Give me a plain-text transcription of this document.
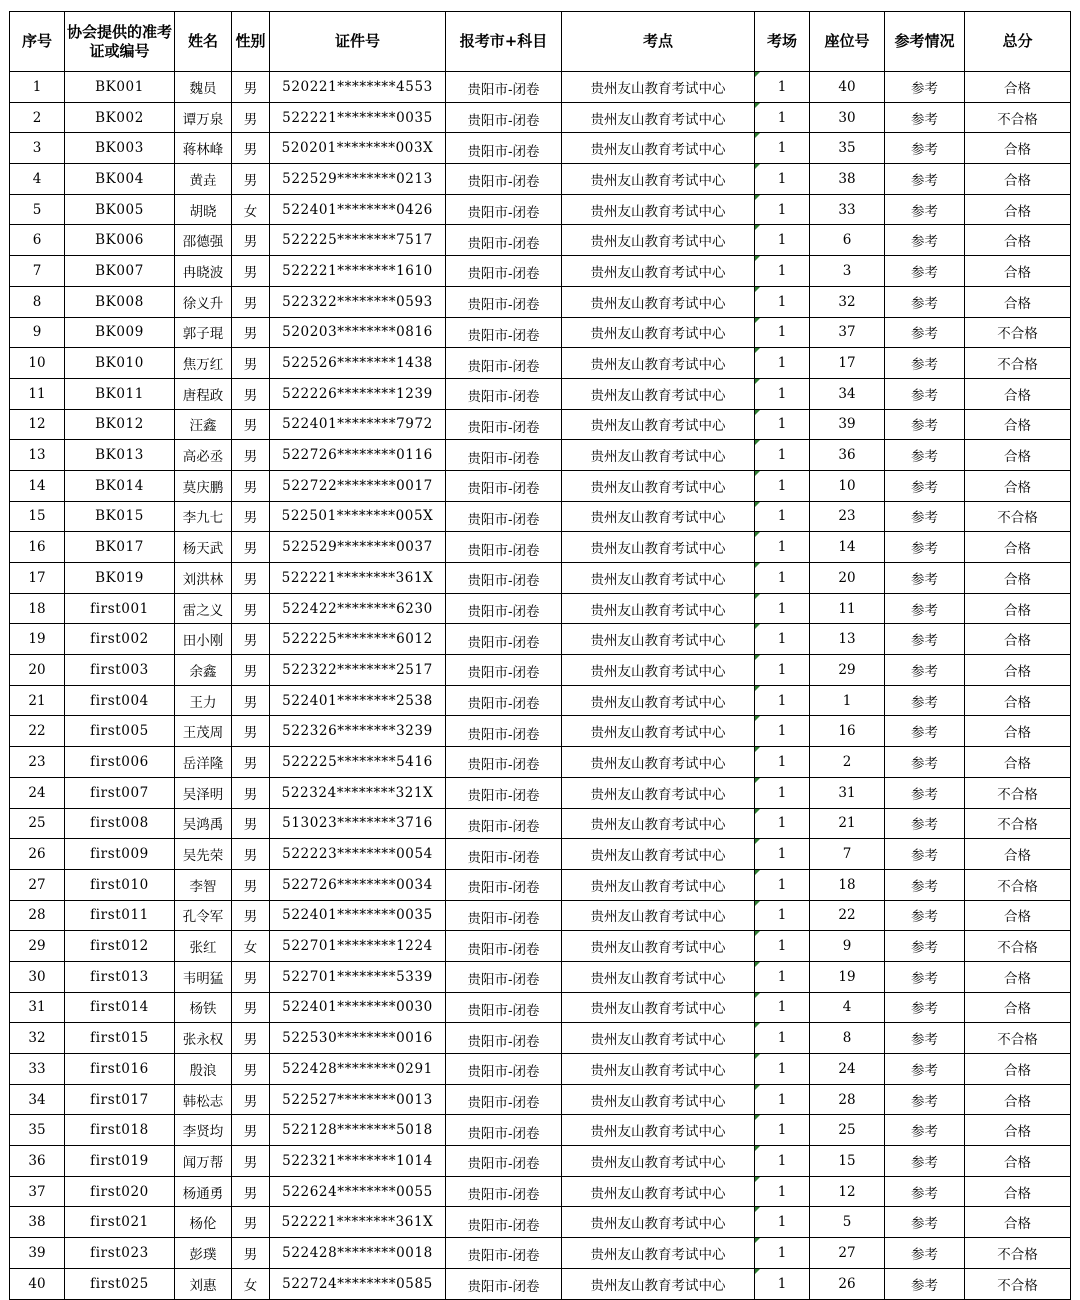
序号	协会提供的准考证或编号	姓名	性别	证件号	报考市+科目	考点	考场	座位号	参考情况	总分
1	BK001	魏员	男	520221********4553	贵阳市-闭卷	贵州友山教育考试中心	1	40	参考	合格
2	BK002	谭万泉	男	522221********0035	贵阳市-闭卷	贵州友山教育考试中心	1	30	参考	不合格
3	BK003	蒋林峰	男	520201********003X	贵阳市-闭卷	贵州友山教育考试中心	1	35	参考	合格
4	BK004	黄垚	男	522529********0213	贵阳市-闭卷	贵州友山教育考试中心	1	38	参考	合格
5	BK005	胡晓	女	522401********0426	贵阳市-闭卷	贵州友山教育考试中心	1	33	参考	合格
6	BK006	邵德强	男	522225********7517	贵阳市-闭卷	贵州友山教育考试中心	1	6	参考	合格
7	BK007	冉晓波	男	522221********1610	贵阳市-闭卷	贵州友山教育考试中心	1	3	参考	合格
8	BK008	徐义升	男	522322********0593	贵阳市-闭卷	贵州友山教育考试中心	1	32	参考	合格
9	BK009	郭子琨	男	520203********0816	贵阳市-闭卷	贵州友山教育考试中心	1	37	参考	不合格
10	BK010	焦万红	男	522526********1438	贵阳市-闭卷	贵州友山教育考试中心	1	17	参考	不合格
11	BK011	唐程政	男	522226********1239	贵阳市-闭卷	贵州友山教育考试中心	1	34	参考	合格
12	BK012	汪鑫	男	522401********7972	贵阳市-闭卷	贵州友山教育考试中心	1	39	参考	合格
13	BK013	高必丞	男	522726********0116	贵阳市-闭卷	贵州友山教育考试中心	1	36	参考	合格
14	BK014	莫庆鹏	男	522722********0017	贵阳市-闭卷	贵州友山教育考试中心	1	10	参考	合格
15	BK015	李九七	男	522501********005X	贵阳市-闭卷	贵州友山教育考试中心	1	23	参考	不合格
16	BK017	杨天武	男	522529********0037	贵阳市-闭卷	贵州友山教育考试中心	1	14	参考	合格
17	BK019	刘洪林	男	522221********361X	贵阳市-闭卷	贵州友山教育考试中心	1	20	参考	合格
18	first001	雷之义	男	522422********6230	贵阳市-闭卷	贵州友山教育考试中心	1	11	参考	合格
19	first002	田小刚	男	522225********6012	贵阳市-闭卷	贵州友山教育考试中心	1	13	参考	合格
20	first003	余鑫	男	522322********2517	贵阳市-闭卷	贵州友山教育考试中心	1	29	参考	合格
21	first004	王力	男	522401********2538	贵阳市-闭卷	贵州友山教育考试中心	1	1	参考	合格
22	first005	王茂周	男	522326********3239	贵阳市-闭卷	贵州友山教育考试中心	1	16	参考	合格
23	first006	岳洋隆	男	522225********5416	贵阳市-闭卷	贵州友山教育考试中心	1	2	参考	合格
24	first007	吴泽明	男	522324********321X	贵阳市-闭卷	贵州友山教育考试中心	1	31	参考	不合格
25	first008	吴鸿禹	男	513023********3716	贵阳市-闭卷	贵州友山教育考试中心	1	21	参考	不合格
26	first009	吴先荣	男	522223********0054	贵阳市-闭卷	贵州友山教育考试中心	1	7	参考	合格
27	first010	李智	男	522726********0034	贵阳市-闭卷	贵州友山教育考试中心	1	18	参考	不合格
28	first011	孔令军	男	522401********0035	贵阳市-闭卷	贵州友山教育考试中心	1	22	参考	合格
29	first012	张红	女	522701********1224	贵阳市-闭卷	贵州友山教育考试中心	1	9	参考	不合格
30	first013	韦明猛	男	522701********5339	贵阳市-闭卷	贵州友山教育考试中心	1	19	参考	合格
31	first014	杨铁	男	522401********0030	贵阳市-闭卷	贵州友山教育考试中心	1	4	参考	合格
32	first015	张永权	男	522530********0016	贵阳市-闭卷	贵州友山教育考试中心	1	8	参考	不合格
33	first016	殷浪	男	522428********0291	贵阳市-闭卷	贵州友山教育考试中心	1	24	参考	合格
34	first017	韩松志	男	522527********0013	贵阳市-闭卷	贵州友山教育考试中心	1	28	参考	合格
35	first018	李贤均	男	522128********5018	贵阳市-闭卷	贵州友山教育考试中心	1	25	参考	合格
36	first019	闻万帮	男	522321********1014	贵阳市-闭卷	贵州友山教育考试中心	1	15	参考	合格
37	first020	杨通勇	男	522624********0055	贵阳市-闭卷	贵州友山教育考试中心	1	12	参考	合格
38	first021	杨伦	男	522221********361X	贵阳市-闭卷	贵州友山教育考试中心	1	5	参考	合格
39	first023	彭璞	男	522428********0018	贵阳市-闭卷	贵州友山教育考试中心	1	27	参考	不合格
40	first025	刘惠	女	522724********0585	贵阳市-闭卷	贵州友山教育考试中心	1	26	参考	不合格
